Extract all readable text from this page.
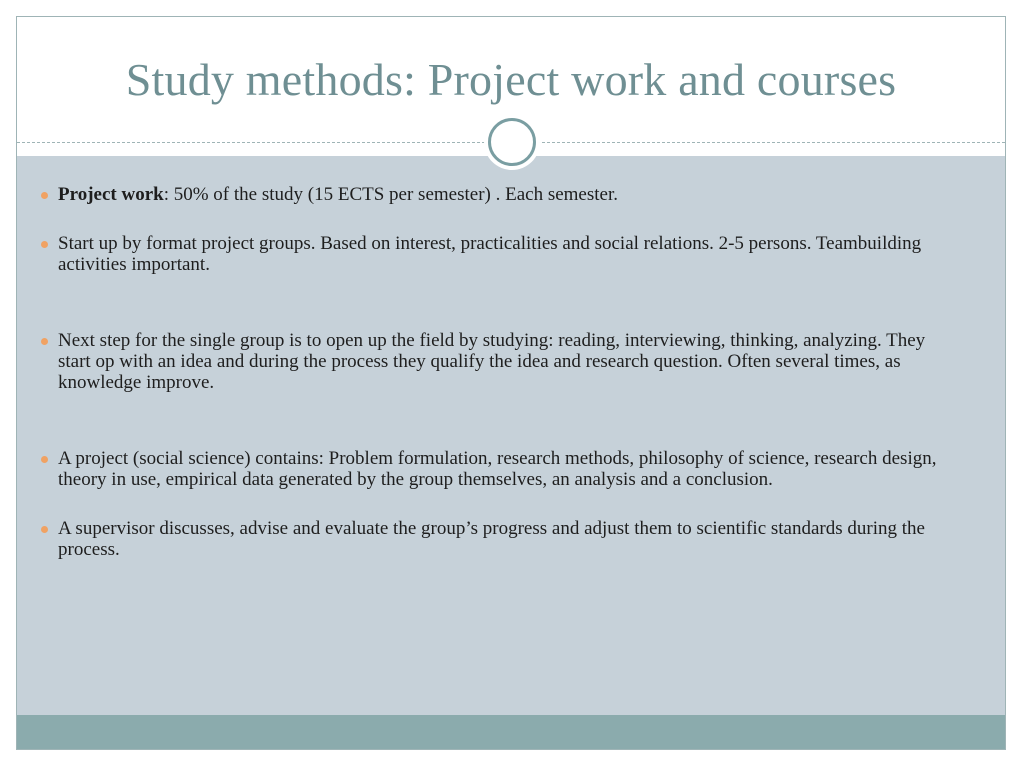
Study methods: Project work and courses
Project work: 50% of the study (15 ECTS per semester) . Each semester.
Start up by format project groups. Based on interest, practicalities and social relations. 2-5 persons. Teambuilding activities important.
Next step for the single group is to open up the field by studying: reading, interviewing, thinking, analyzing. They start op with an idea and during the process they qualify the idea and research question. Often several times, as knowledge improve.
A project (social science) contains: Problem formulation, research methods, philosophy of science, research design, theory in use, empirical data generated by the group themselves, an analysis and a conclusion.
A supervisor discusses, advise and evaluate the group’s progress and adjust them to scientific standards during the process.
